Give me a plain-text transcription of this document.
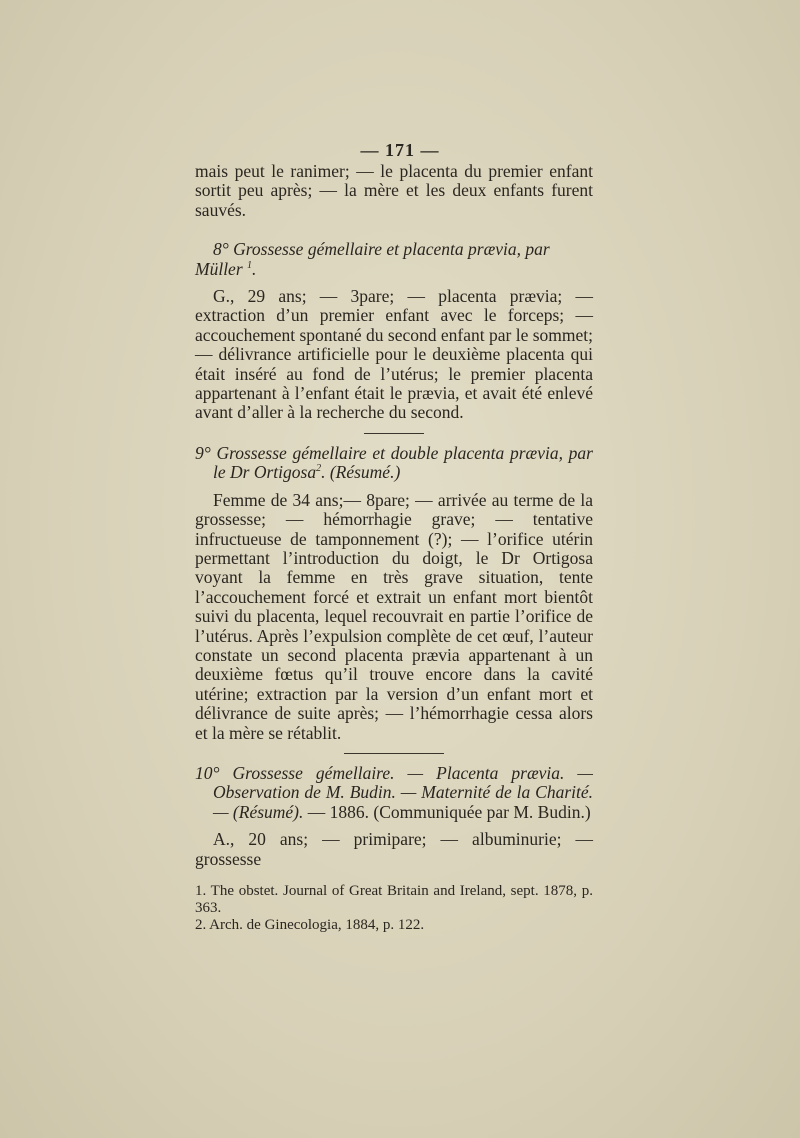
— 171 —

mais peut le ranimer; — le placenta du premier enfant sortit peu après; — la mère et les deux enfants furent sauvés.

8° Grossesse gémellaire et placenta prævia, par Müller $^1$.

G., 29 ans; — 3pare; — placenta prævia; — extraction d’un premier enfant avec le forceps; — accouchement spontané du second enfant par le sommet; — délivrance artificielle pour le deuxième placenta qui était inséré au fond de l’utérus; le premier placenta appartenant à l’enfant était le prævia, et avait été enlevé avant d’aller à la recherche du second.

9° Grossesse gémellaire et double placenta prævia, par le Dr Ortigosa$^2$. (Résumé.)

Femme de 34 ans;— 8pare; — arrivée au terme de la grossesse; — hémorrhagie grave; — tentative infructueuse de tamponnement (?); — l’orifice utérin permettant l’introduction du doigt, le Dr Ortigosa voyant la femme en très grave situation, tente l’accouchement forcé et extrait un enfant mort bientôt suivi du placenta, lequel recouvrait en partie l’orifice de l’utérus. Après l’expulsion complète de cet œuf, l’auteur constate un second placenta prævia appartenant à un deuxième fœtus qu’il trouve encore dans la cavité utérine; extraction par la version d’un enfant mort et délivrance de suite après; — l’hémorrhagie cessa alors et la mère se rétablit.

10° Grossesse gémellaire. — Placenta prævia. — Observation de M. Budin. — Maternité de la Charité. — (Résumé). — 1886. (Communiquée par M. Budin.)

A., 20 ans; — primipare; — albuminurie; — grossesse

1. The obstet. Journal of Great Britain and Ireland, sept. 1878, p. 363.

2. Arch. de Ginecologia, 1884, p. 122.
